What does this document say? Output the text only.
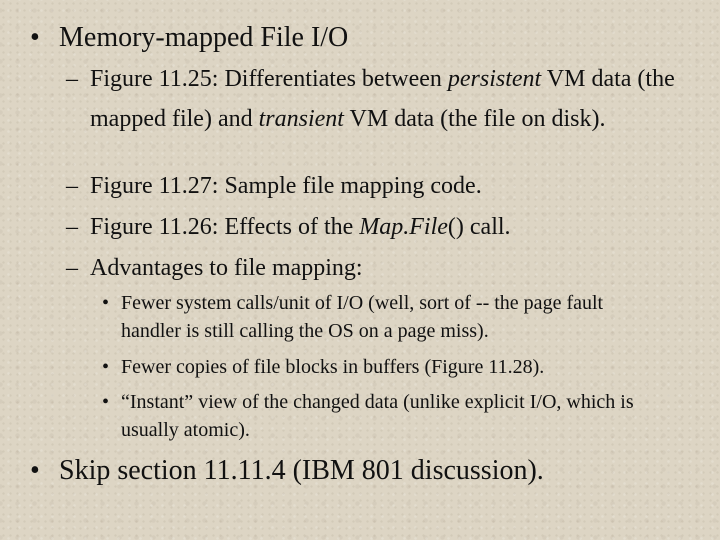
• Memory-mapped File I/O
– Figure 11.25: Differentiates between persistent VM data (the mapped file) and transient VM data (the file on disk).
– Figure 11.27: Sample file mapping code.
– Figure 11.26: Effects of the Map.File() call.
– Advantages to file mapping:
• Fewer system calls/unit of I/O (well, sort of -- the page fault handler is still calling the OS on a page miss).
• Fewer copies of file blocks in buffers (Figure 11.28).
• “Instant” view of the changed data (unlike explicit I/O, which is usually atomic).
• Skip section 11.11.4 (IBM 801 discussion).
